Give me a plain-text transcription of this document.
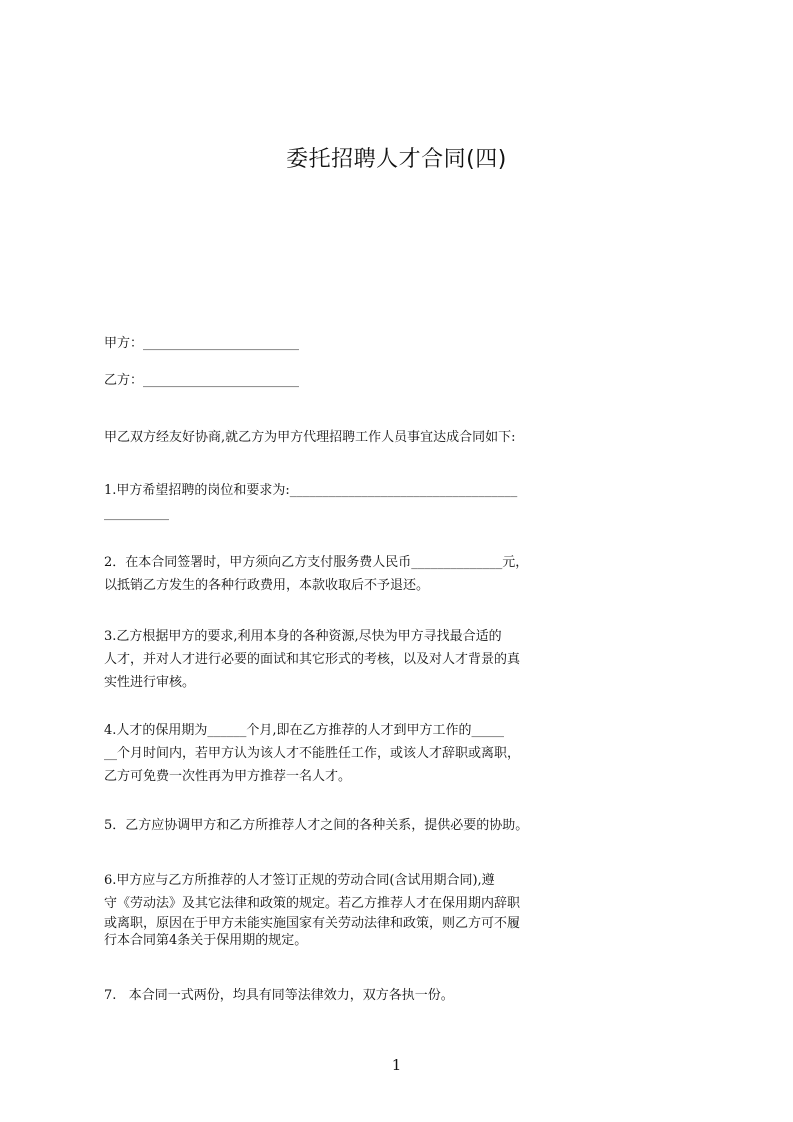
委托招聘人才合同(四)
甲方：________________________
乙方：________________________
甲乙双方经友好协商,就乙方为甲方代理招聘工作人员事宜达成合同如下:
1.甲方希望招聘的岗位和要求为:___________________________________
__________
2．在本合同签署时，甲方须向乙方支付服务费人民币______________元，
以抵销乙方发生的各种行政费用，本款收取后不予退还。
3.乙方根据甲方的要求,利用本身的各种资源,尽快为甲方寻找最合适的
人才，并对人才进行必要的面试和其它形式的考核，以及对人才背景的真
实性进行审核。
4.人才的保用期为______个月,即在乙方推荐的人才到甲方工作的_____
__个月时间内，若甲方认为该人才不能胜任工作，或该人才辞职或离职，
乙方可免费一次性再为甲方推荐一名人才。
5．乙方应协调甲方和乙方所推荐人才之间的各种关系，提供必要的协助。
6.甲方应与乙方所推荐的人才签订正规的劳动合同(含试用期合同),遵
守《劳动法》及其它法律和政策的规定。若乙方推荐人才在保用期内辞职
或离职，原因在于甲方未能实施国家有关劳动法律和政策，则乙方可不履
行本合同第4条关于保用期的规定。
7.   本合同一式两份，均具有同等法律效力，双方各执一份。
1
